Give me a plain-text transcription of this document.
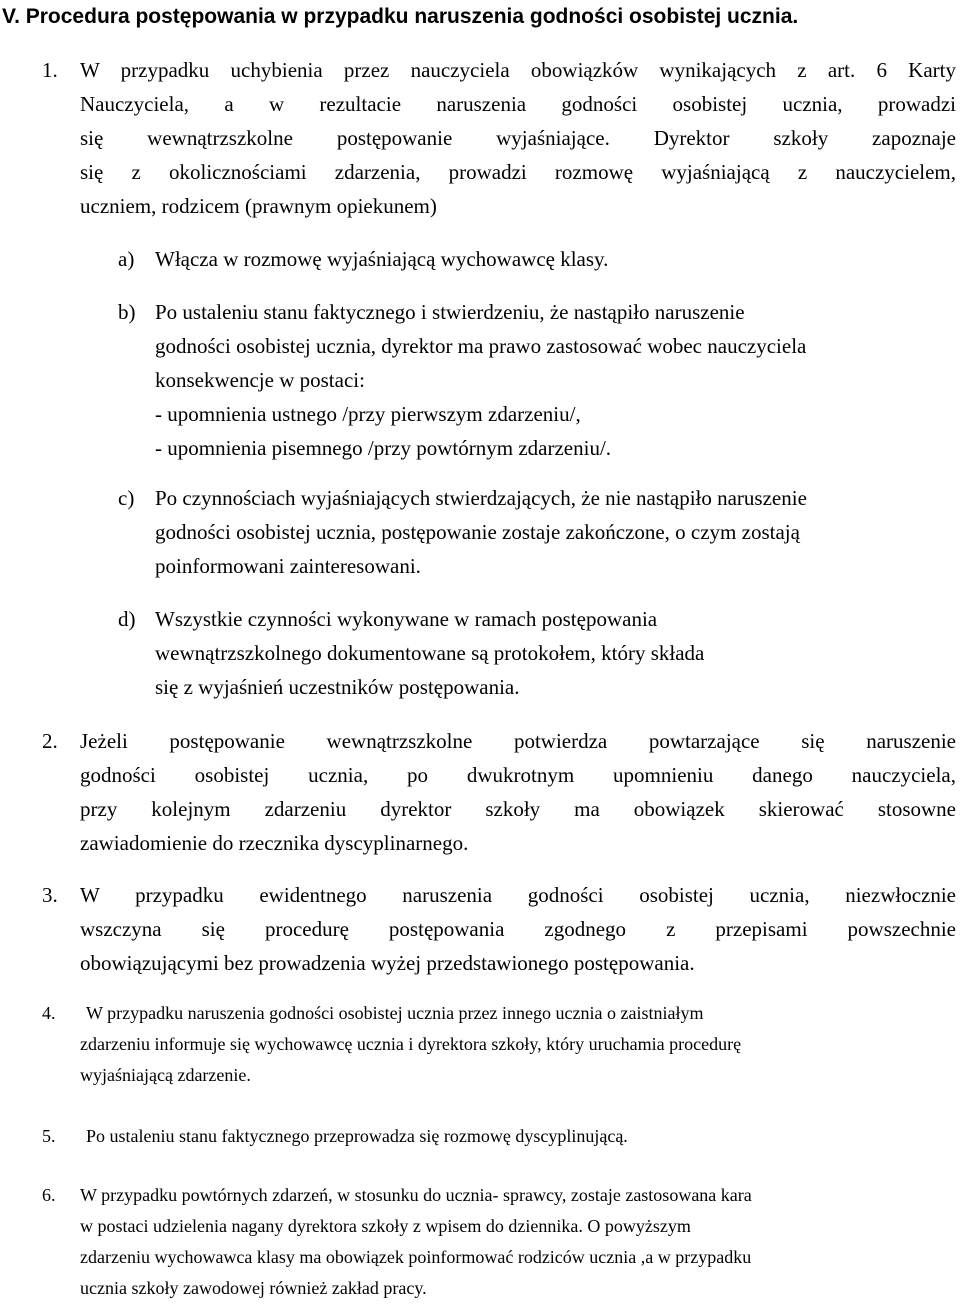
V. Procedura postępowania w przypadku naruszenia godności osobistej ucznia.
1. W przypadku uchybienia przez nauczyciela obowiązków wynikających z art. 6 Karty
Nauczyciela, a w rezultacie naruszenia godności osobistej ucznia, prowadzi
się wewnątrzszkolne postępowanie wyjaśniające. Dyrektor szkoły zapoznaje
się z okolicznościami zdarzenia, prowadzi rozmowę wyjaśniającą z nauczycielem,
uczniem, rodzicem (prawnym opiekunem)
a) Włącza w rozmowę wyjaśniającą wychowawcę klasy.
b) Po ustaleniu stanu faktycznego i stwierdzeniu, że nastąpiło naruszenie
godności osobistej ucznia, dyrektor ma prawo zastosować wobec nauczyciela
konsekwencje w postaci:
- upomnienia ustnego /przy pierwszym zdarzeniu/,
- upomnienia pisemnego /przy powtórnym zdarzeniu/.
c) Po czynnościach wyjaśniających stwierdzających, że nie nastąpiło naruszenie
godności osobistej ucznia, postępowanie zostaje zakończone, o czym zostają
poinformowani zainteresowani.
d) Wszystkie czynności wykonywane w ramach postępowania
wewnątrzszkolnego dokumentowane są protokołem, który składa
się z wyjaśnień uczestników postępowania.
2. Jeżeli postępowanie wewnątrzszkolne potwierdza powtarzające się naruszenie
godności osobistej ucznia, po dwukrotnym upomnieniu danego nauczyciela,
przy kolejnym zdarzeniu dyrektor szkoły ma obowiązek skierować stosowne
zawiadomienie do rzecznika dyscyplinarnego.
3. W przypadku ewidentnego naruszenia godności osobistej ucznia, niezwłocznie
wszczyna się procedurę postępowania zgodnego z przepisami powszechnie
obowiązującymi bez prowadzenia wyżej przedstawionego postępowania.
4.	W przypadku naruszenia godności osobistej ucznia przez innego ucznia o zaistniałym
zdarzeniu informuje się wychowawcę ucznia i dyrektora szkoły, który uruchamia procedurę
wyjaśniającą zdarzenie.
5. Po ustaleniu stanu faktycznego przeprowadza się rozmowę dyscyplinującą.
6. W przypadku powtórnych zdarzeń, w stosunku do ucznia- sprawcy, zostaje zastosowana kara
w postaci udzielenia nagany dyrektora szkoły z wpisem do dziennika. O powyższym
zdarzeniu wychowawca klasy ma obowiązek poinformować rodziców ucznia ,a w przypadku
ucznia szkoły zawodowej również zakład pracy.
